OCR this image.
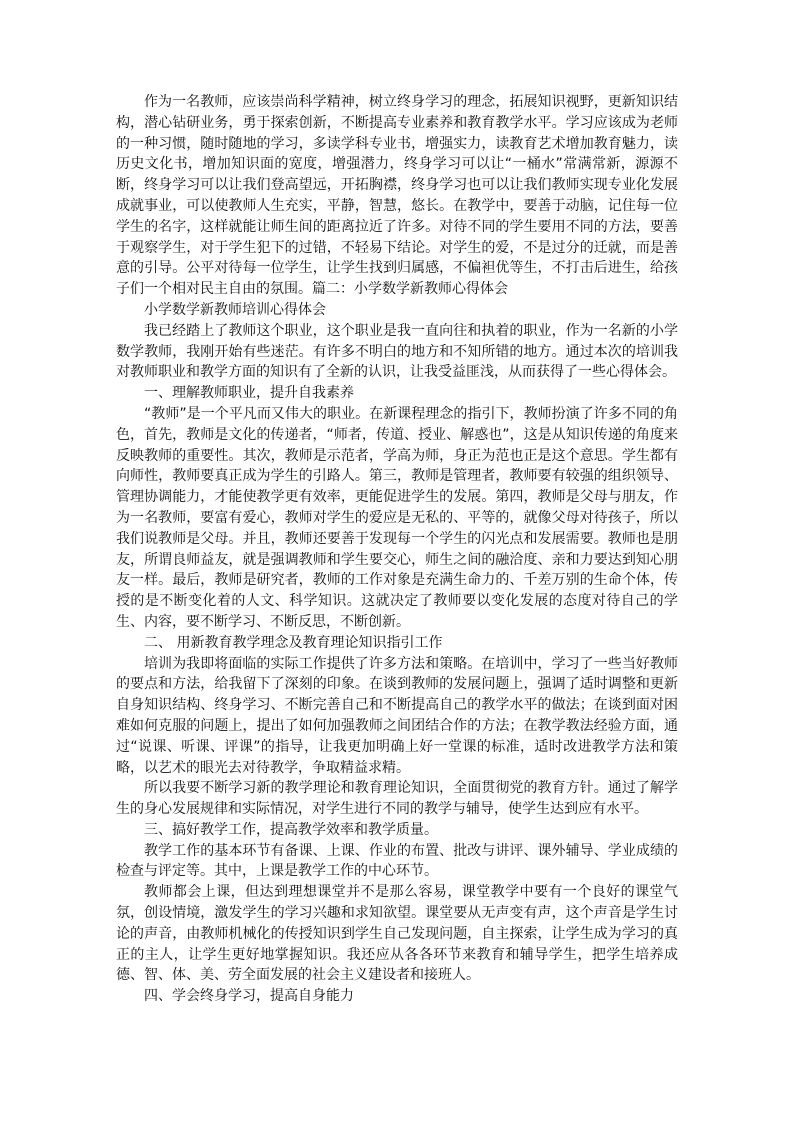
作为一名教师，应该崇尚科学精神，树立终身学习的理念，拓展知识视野，更新知识结构，潜心钻研业务，勇于探索创新，不断提高专业素养和教育教学水平。学习应该成为老师的一种习惯，随时随地的学习，多读学科专业书，增强实力，读教育艺术增加教育魅力，读历史文化书，增加知识面的宽度，增强潜力，终身学习可以让“一桶水”常满常新，源源不断，终身学习可以让我们登高望远，开拓胸襟，终身学习也可以让我们教师实现专业化发展成就事业，可以使教师人生充实，平静，智慧，悠长。在教学中，要善于动脑，记住每一位学生的名字，这样就能让师生间的距离拉近了许多。对待不同的学生要用不同的方法，要善于观察学生，对于学生犯下的过错，不轻易下结论。对学生的爱，不是过分的迁就，而是善意的引导。公平对待每一位学生，让学生找到归属感，不偏袒优等生，不打击后进生，给孩子们一个相对民主自由的氛围。篇二：小学数学新教师心得体会

小学数学新教师培训心得体会

我已经踏上了教师这个职业，这个职业是我一直向往和执着的职业，作为一名新的小学数学教师，我刚开始有些迷茫。有许多不明白的地方和不知所错的地方。通过本次的培训我对教师职业和教学方面的知识有了全新的认识，让我受益匪浅，从而获得了一些心得体会。

一、理解教师职业，提升自我素养

“教师”是一个平凡而又伟大的职业。在新课程理念的指引下，教师扮演了许多不同的角色，首先，教师是文化的传递者，“师者，传道、授业、解惑也”，这是从知识传递的角度来反映教师的重要性。其次，教师是示范者，学高为师，身正为范也正是这个意思。学生都有向师性，教师要真正成为学生的引路人。第三，教师是管理者，教师要有较强的组织领导、管理协调能力，才能使教学更有效率，更能促进学生的发展。第四，教师是父母与朋友，作为一名教师，要富有爱心，教师对学生的爱应是无私的、平等的，就像父母对待孩子，所以我们说教师是父母。并且，教师还要善于发现每一个学生的闪光点和发展需要。教师也是朋友，所谓良师益友，就是强调教师和学生要交心，师生之间的融洽度、亲和力要达到知心朋友一样。最后，教师是研究者，教师的工作对象是充满生命力的、千差万别的生命个体，传授的是不断变化着的人文、科学知识。这就决定了教师要以变化发展的态度对待自己的学生、内容，要不断学习、不断反思，不断创新。

二、 用新教育教学理念及教育理论知识指引工作

培训为我即将面临的实际工作提供了许多方法和策略。在培训中，学习了一些当好教师的要点和方法，给我留下了深刻的印象。在谈到教师的发展问题上，强调了适时调整和更新自身知识结构、终身学习、不断完善自己和不断提高自己的教学水平的做法；在谈到面对困难如何克服的问题上，提出了如何加强教师之间团结合作的方法；在教学教法经验方面，通过“说课、听课、评课”的指导，让我更加明确上好一堂课的标准，适时改进教学方法和策略，以艺术的眼光去对待教学，争取精益求精。

所以我要不断学习新的教学理论和教育理论知识，全面贯彻党的教育方针。通过了解学生的身心发展规律和实际情况，对学生进行不同的教学与辅导，使学生达到应有水平。

三、搞好教学工作，提高教学效率和教学质量。

教学工作的基本环节有备课、上课、作业的布置、批改与讲评、课外辅导、学业成绩的检查与评定等。其中，上课是教学工作的中心环节。

教师都会上课，但达到理想课堂并不是那么容易，课堂教学中要有一个良好的课堂气氛，创设情境，激发学生的学习兴趣和求知欲望。课堂要从无声变有声，这个声音是学生讨论的声音，由教师机械化的传授知识到学生自己发现问题，自主探索，让学生成为学习的真正的主人，让学生更好地掌握知识。我还应从各各环节来教育和辅导学生，把学生培养成德、智、体、美、劳全面发展的社会主义建设者和接班人。

四、学会终身学习，提高自身能力
